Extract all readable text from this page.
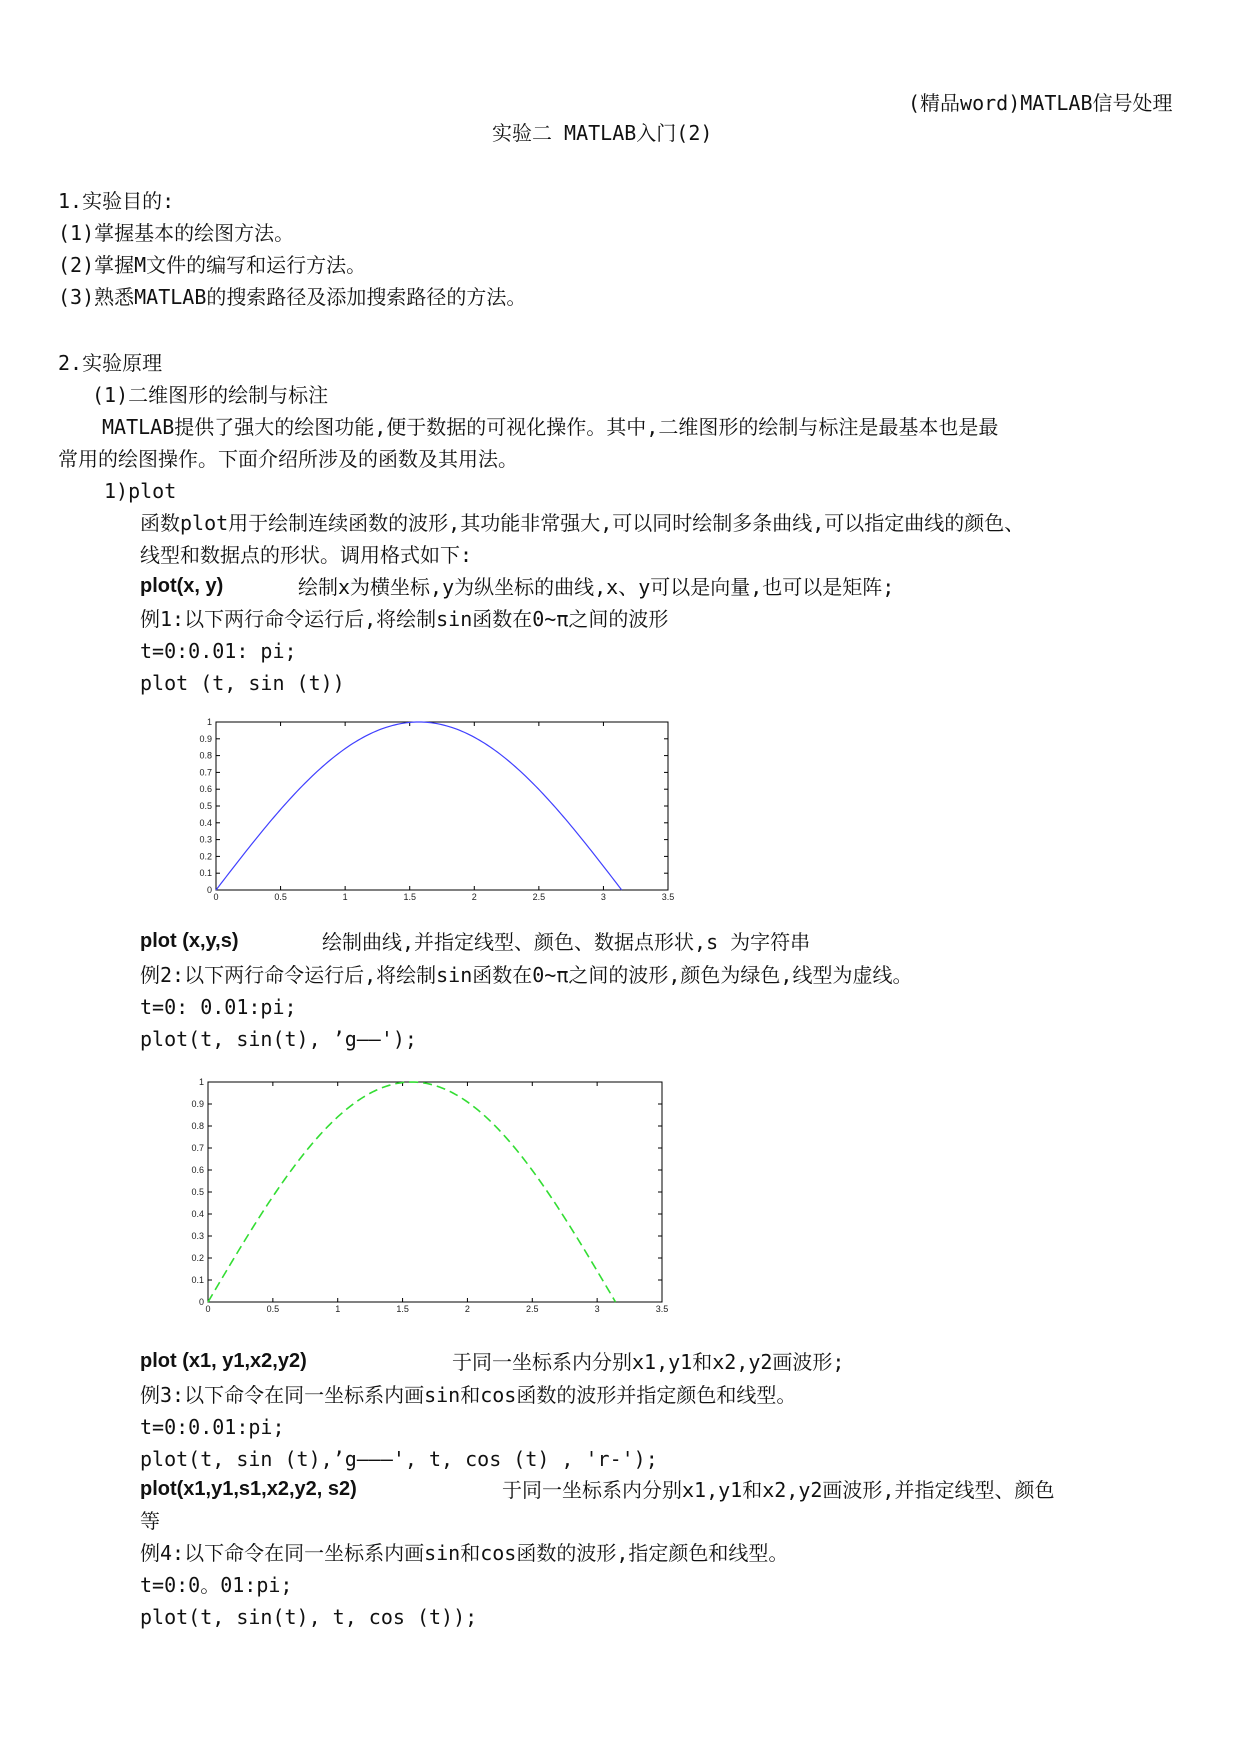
(精品word)MATLAB信号处理
实验二 MATLAB入门(2)
1.实验目的:
(1)掌握基本的绘图方法。
(2)掌握M文件的编写和运行方法。
(3)熟悉MATLAB的搜索路径及添加搜索路径的方法。
2.实验原理
(1)二维图形的绘制与标注
MATLAB提供了强大的绘图功能,便于数据的可视化操作。其中,二维图形的绘制与标注是最基本也是最
常用的绘图操作。下面介绍所涉及的函数及其用法。
1)plot
函数plot用于绘制连续函数的波形,其功能非常强大,可以同时绘制多条曲线,可以指定曲线的颜色、
线型和数据点的形状。调用格式如下:
plot(x, y)	绘制x为横坐标,y为纵坐标的曲线,x、y可以是向量,也可以是矩阵;
例1:以下两行命令运行后,将绘制sin函数在0~π之间的波形
t=0:0.01: pi;
plot (t, sin (t))
0	0.5	1	1.5	2	2.5	3	3.5
0
0.1
0.2
0.3
0.4
0.5
0.6
0.7
0.8
0.9
1
plot (x,y,s)	绘制曲线,并指定线型、颜色、数据点形状,s 为字符串
例2:以下两行命令运行后,将绘制sin函数在0~π之间的波形,颜色为绿色,线型为虚线。
t=0: 0.01:pi;
plot(t, sin(t), ’g——');
0	0.5	1	1.5	2	2.5	3	3.5
0
0.1
0.2
0.3
0.4
0.5
0.6
0.7
0.8
0.9
1
plot (x1, y1,x2,y2)	于同一坐标系内分别x1,y1和x2,y2画波形;
例3:以下命令在同一坐标系内画sin和cos函数的波形并指定颜色和线型。
t=0:0.01:pi;
plot(t, sin (t),’g———', t, cos (t) , 'r-');
plot(x1,y1,s1,x2,y2, s2)	于同一坐标系内分别x1,y1和x2,y2画波形,并指定线型、颜色
等
例4:以下命令在同一坐标系内画sin和cos函数的波形,指定颜色和线型。
t=0:0。01:pi;
plot(t, sin(t), t, cos (t));
